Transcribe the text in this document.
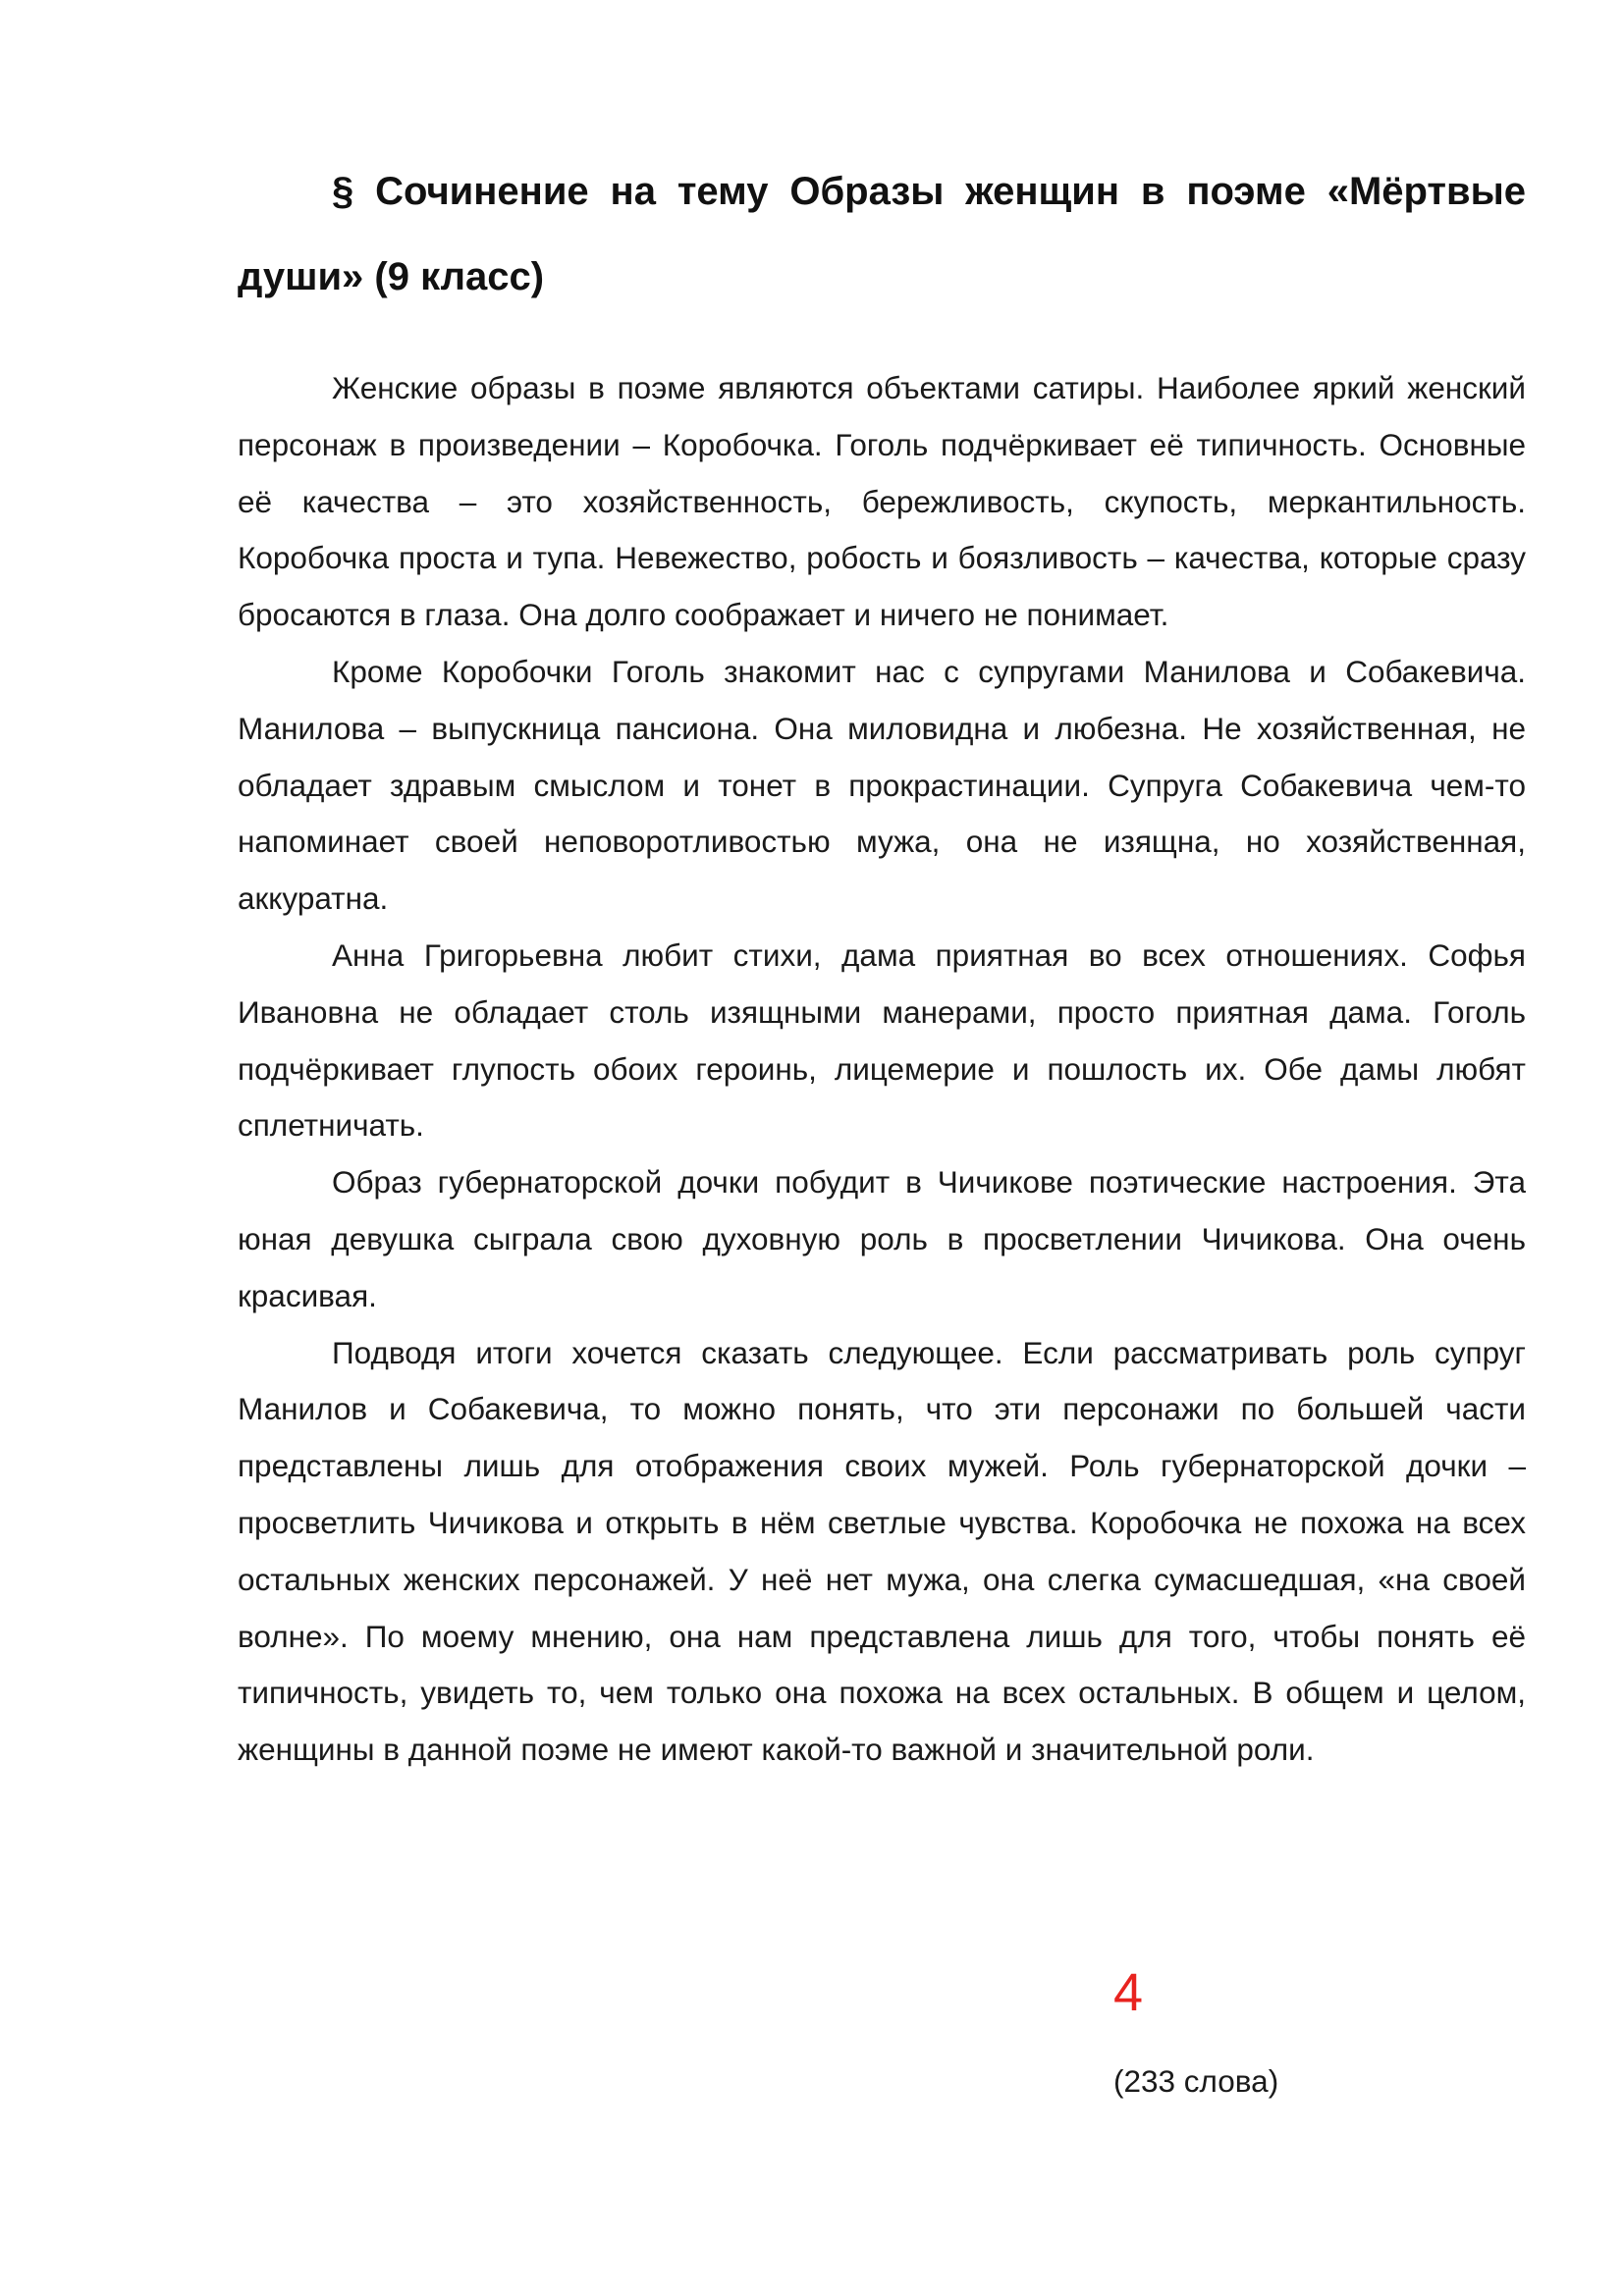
§ Сочинение на тему Образы женщин в поэме «Мёртвые души» (9 класс)

Женские образы в поэме являются объектами сатиры. Наиболее яркий женский персонаж в произведении – Коробочка. Гоголь подчёркивает её типичность. Основные её качества – это хозяйственность, бережливость, скупость, меркантильность. Коробочка проста и тупа. Невежество, робость и боязливость – качества, которые сразу бросаются в глаза. Она долго соображает и ничего не понимает.

Кроме Коробочки Гоголь знакомит нас с супругами Манилова и Собакевича. Манилова – выпускница пансиона. Она миловидна и любезна. Не хозяйственная, не обладает здравым смыслом и тонет в прокрастинации. Супруга Собакевича чем-то напоминает своей неповоротливостью мужа, она не изящна, но хозяйственная, аккуратна.

Анна Григорьевна любит стихи, дама приятная во всех отношениях. Софья Ивановна не обладает столь изящными манерами, просто приятная дама. Гоголь подчёркивает глупость обоих героинь, лицемерие и пошлость их. Обе дамы любят сплетничать.

Образ губернаторской дочки побудит в Чичикове поэтические настроения. Эта юная девушка сыграла свою духовную роль в просветлении Чичикова. Она очень красивая.

Подводя итоги хочется сказать следующее. Если рассматривать роль супруг Манилов и Собакевича, то можно понять, что эти персонажи по большей части представлены лишь для отображения своих мужей. Роль губернаторской дочки – просветлить Чичикова и открыть в нём светлые чувства. Коробочка не похожа на всех остальных женских персонажей. У неё нет мужа, она слегка сумасшедшая, «на своей волне». По моему мнению, она нам представлена лишь для того, чтобы понять её типичность, увидеть то, чем только она похожа на всех остальных. В общем и целом, женщины в данной поэме не имеют какой-то важной и значительной роли.

4

(233 слова)
